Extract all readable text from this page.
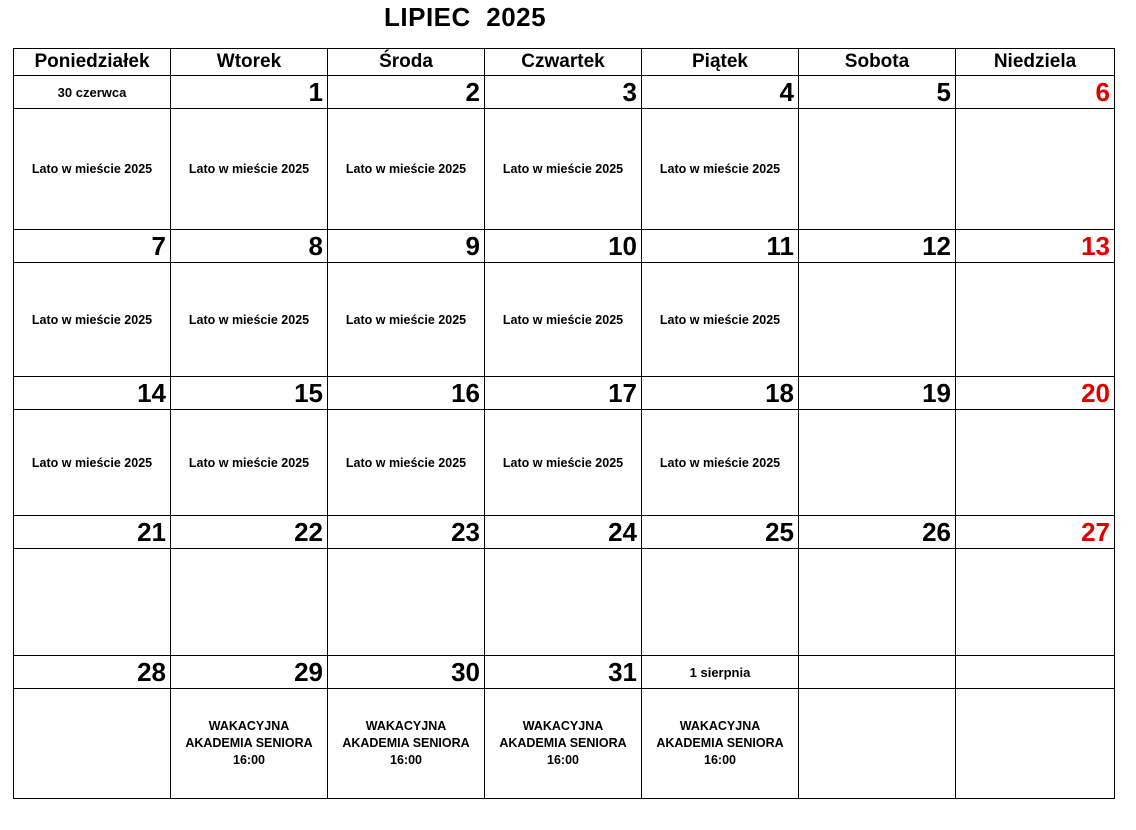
LIPIEC  2025
Poniedziałek	Wtorek	Środa	Czwartek	Piątek	Sobota	Niedziela
30 czerwca	1	2	3	4	5	6
Lato w mieście 2025	Lato w mieście 2025	Lato w mieście 2025	Lato w mieście 2025	Lato w mieście 2025		
7	8	9	10	11	12	13
Lato w mieście 2025	Lato w mieście 2025	Lato w mieście 2025	Lato w mieście 2025	Lato w mieście 2025		
14	15	16	17	18	19	20
Lato w mieście 2025	Lato w mieście 2025	Lato w mieście 2025	Lato w mieście 2025	Lato w mieście 2025		
21	22	23	24	25	26	27

28	29	30	31	1 sierpnia		

	WAKACYJNA
AKADEMIA SENIORA
16:00	WAKACYJNA
AKADEMIA SENIORA
16:00	WAKACYJNA
AKADEMIA SENIORA
16:00	WAKACYJNA
AKADEMIA SENIORA
16:00		
